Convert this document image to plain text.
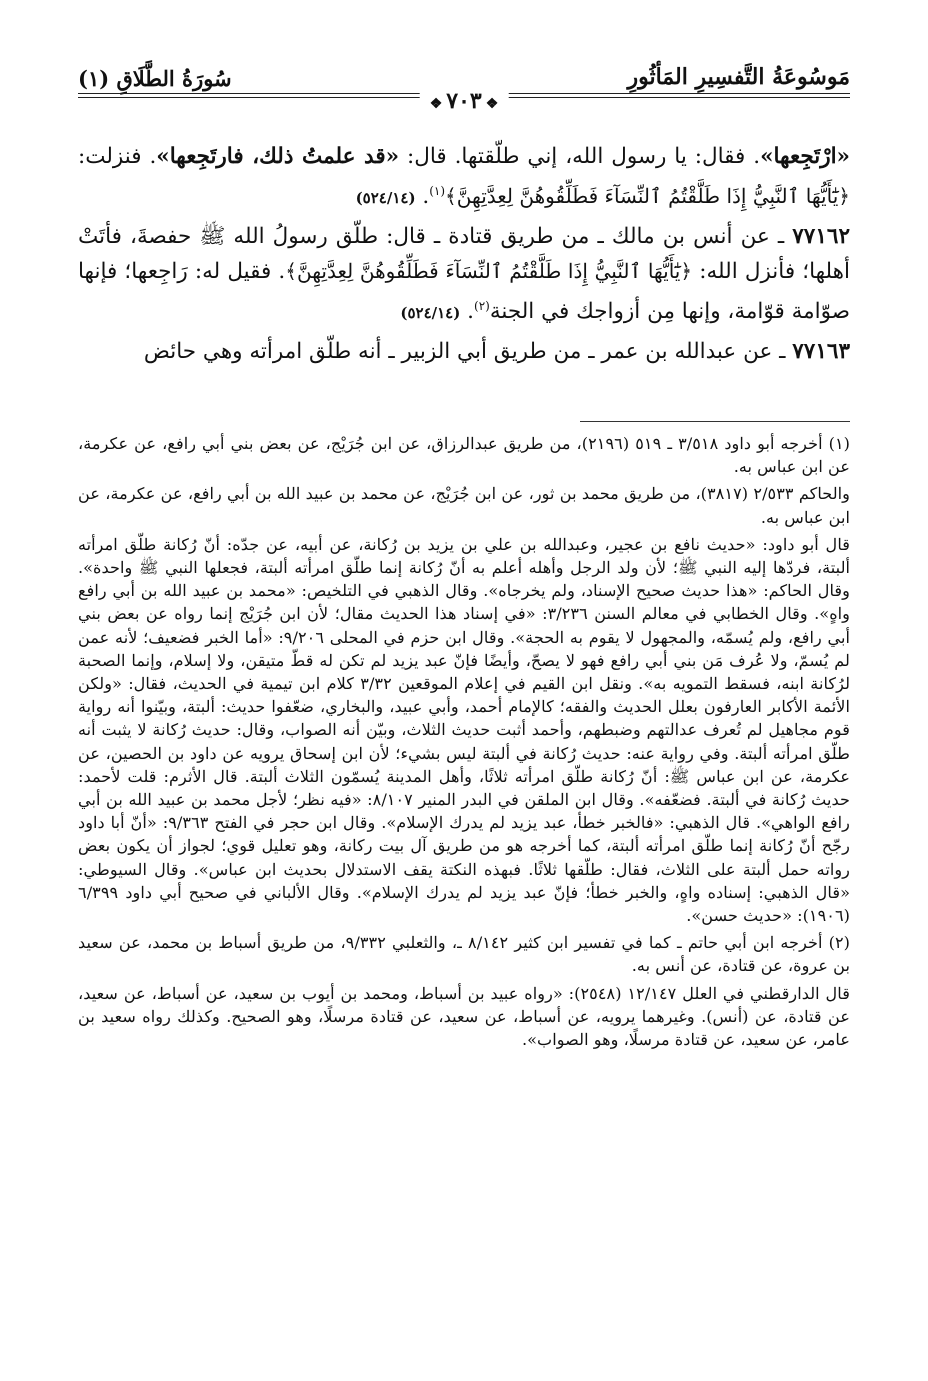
مَوسُوعَةُ التَّفسِيرِ المَأثُورِ
سُورَةُ الطَّلَاقِ (١)
❖٧٠٣❖

«ارْتَجِعها». فقال: يا رسول الله، إني طلّقتها. قال: «قد علمتُ ذلك، فارتَجِعها». فنزلت: ﴿يَٰٓأَيُّهَا ٱلنَّبِيُّ إِذَا طَلَّقْتُمُ ٱلنِّسَآءَ فَطَلِّقُوهُنَّ لِعِدَّتِهِنَّ﴾$^{(١)}$. (٥٢٤/١٤)

٧٧١٦٢ ـ عن أنس بن مالك ـ من طريق قتادة ـ قال: طلّق رسولُ الله ﷺ حفصةَ، فأتَتْ أهلها؛ فأنزل الله: ﴿يَٰٓأَيُّهَا ٱلنَّبِيُّ إِذَا طَلَّقْتُمُ ٱلنِّسَآءَ فَطَلِّقُوهُنَّ لِعِدَّتِهِنَّ﴾. فقيل له: رَاجِعها؛ فإنها صوّامة قوّامة، وإنها مِن أزواجك في الجنة$^{(٢)}$. (٥٢٤/١٤)

٧٧١٦٣ ـ عن عبدالله بن عمر ـ من طريق أبي الزبير ـ أنه طلّق امرأته وهي حائض

(١) أخرجه أبو داود ٣/٥١٨ ـ ٥١٩ (٢١٩٦)، من طريق عبدالرزاق، عن ابن جُرَيْج، عن بعض بني أبي رافع، عن عكرمة، عن ابن عباس به.

والحاكم ٢/٥٣٣ (٣٨١٧)، من طريق محمد بن ثور، عن ابن جُرَيْج، عن محمد بن عبيد الله بن أبي رافع، عن عكرمة، عن ابن عباس به.

قال أبو داود: «حديث نافع بن عجير، وعبدالله بن علي بن يزيد بن رُكانة، عن أبيه، عن جدّه: أنّ رُكانة طلّق امرأته ألبتة، فردّها إليه النبي ﷺ؛ لأن ولد الرجل وأهله أعلم به أنّ رُكانة إنما طلّق امرأته ألبتة، فجعلها النبي ﷺ واحدة». وقال الحاكم: «هذا حديث صحيح الإسناد، ولم يخرجاه». وقال الذهبي في التلخيص: «محمد بن عبيد الله بن أبي رافع واهٍ». وقال الخطابي في معالم السنن ٣/٢٣٦: «في إسناد هذا الحديث مقال؛ لأن ابن جُرَيْج إنما رواه عن بعض بني أبي رافع، ولم يُسمّه، والمجهول لا يقوم به الحجة». وقال ابن حزم في المحلى ٩/٢٠٦: «أما الخبر فضعيف؛ لأنه عمن لم يُسمّ، ولا عُرف مَن بني أبي رافع فهو لا يصحّ، وأيضًا فإنّ عبد يزيد لم تكن له قطّ متيقن، ولا إسلام، وإنما الصحبة لرُكانة ابنه، فسقط التمويه به». ونقل ابن القيم في إعلام الموقعين ٣/٣٢ كلام ابن تيمية في الحديث، فقال: «ولكن الأئمة الأكابر العارفون بعلل الحديث والفقه؛ كالإمام أحمد، وأبي عبيد، والبخاري، ضعّفوا حديث: ألبتة، وبيّنوا أنه رواية قوم مجاهيل لم تُعرف عدالتهم وضبطهم، وأحمد أثبت حديث الثلاث، وبيّن أنه الصواب، وقال: حديث رُكانة لا يثبت أنه طلّق امرأته ألبتة. وفي رواية عنه: حديث رُكانة في ألبتة ليس بشيء؛ لأن ابن إسحاق يرويه عن داود بن الحصين، عن عكرمة، عن ابن عباس ﷺ: أنّ رُكانة طلّق امرأته ثلاثًا، وأهل المدينة يُسمّون الثلاث ألبتة. قال الأثرم: قلت لأحمد: حديث رُكانة في ألبتة. فضعّفه». وقال ابن الملقن في البدر المنير ٨/١٠٧: «فيه نظر؛ لأجل محمد بن عبيد الله بن أبي رافع الواهي». قال الذهبي: «فالخبر خطأ، عبد يزيد لم يدرك الإسلام». وقال ابن حجر في الفتح ٩/٣٦٣: «أنّ أبا داود رجّح أنّ رُكانة إنما طلّق امرأته ألبتة، كما أخرجه هو من طريق آل بيت ركانة، وهو تعليل قوي؛ لجواز أن يكون بعض رواته حمل ألبتة على الثلاث، فقال: طلّقها ثلاثًا. فبهذه النكتة يقف الاستدلال بحديث ابن عباس». وقال السيوطي: «قال الذهبي: إسناده واهٍ، والخبر خطأ؛ فإنّ عبد يزيد لم يدرك الإسلام». وقال الألباني في صحيح أبي داود ٦/٣٩٩ (١٩٠٦): «حديث حسن».

(٢) أخرجه ابن أبي حاتم ـ كما في تفسير ابن كثير ٨/١٤٢ ـ، والثعلبي ٩/٣٣٢، من طريق أسباط بن محمد، عن سعيد بن عروة، عن قتادة، عن أنس به.

قال الدارقطني في العلل ١٢/١٤٧ (٢٥٤٨): «رواه عبيد بن أسباط، ومحمد بن أيوب بن سعيد، عن أسباط، عن سعيد، عن قتادة، عن (أنس). وغيرهما يرويه، عن أسباط، عن سعيد، عن قتادة مرسلًا، وهو الصحيح. وكذلك رواه سعيد بن عامر، عن سعيد، عن قتادة مرسلًا، وهو الصواب».
